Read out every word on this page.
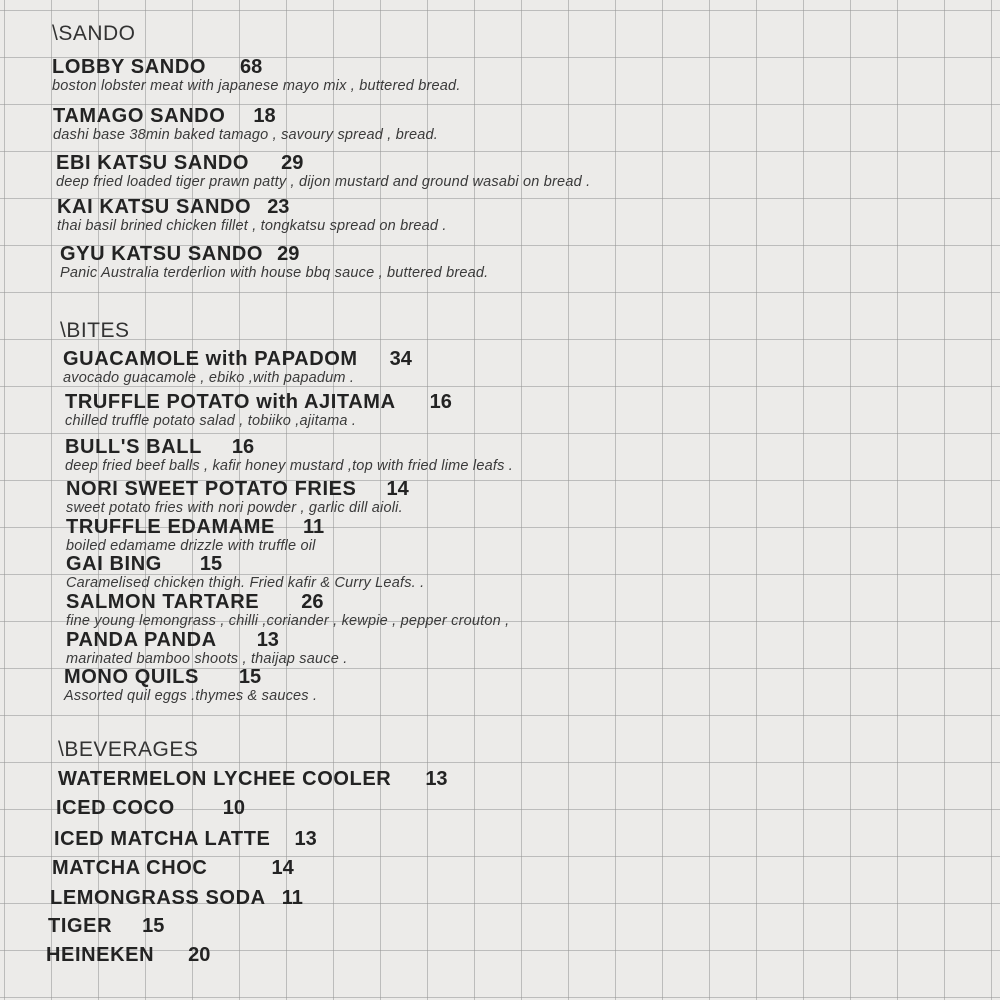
\SANDO
LOBBY SANDO 68
boston lobster meat with japanese mayo mix , buttered bread.
TAMAGO SANDO 18
dashi base 38min baked tamago , savoury spread , bread.
EBI KATSU SANDO 29
deep fried loaded tiger prawn patty , dijon mustard and ground wasabi on bread .
KAI KATSU SANDO 23
thai basil brined chicken fillet , tongkatsu spread on bread .
GYU KATSU SANDO 29
Panic Australia terderlion with house bbq sauce , buttered bread.
\BITES
GUACAMOLE with PAPADOM 34
avocado guacamole , ebiko ,with papadum .
TRUFFLE POTATO with AJITAMA 16
chilled truffle potato salad , tobiiko ,ajitama .
BULL'S BALL 16
deep fried beef balls , kafir honey mustard ,top with fried lime leafs .
NORI SWEET POTATO FRIES 14
sweet potato fries with nori powder , garlic dill aioli.
TRUFFLE EDAMAME 11
boiled edamame drizzle with truffle oil
GAI BING 15
Caramelised chicken thigh. Fried kafir & Curry Leafs. .
SALMON TARTARE 26
fine young lemongrass , chilli ,coriander , kewpie , pepper crouton ,
PANDA PANDA 13
marinated bamboo shoots , thaijap sauce .
MONO QUILS 15
Assorted quil eggs .thymes & sauces .
\BEVERAGES
WATERMELON LYCHEE COOLER 13
ICED COCO 10
ICED MATCHA LATTE 13
MATCHA CHOC	14
LEMONGRASS SODA 11
TIGER 15
HEINEKEN 20
